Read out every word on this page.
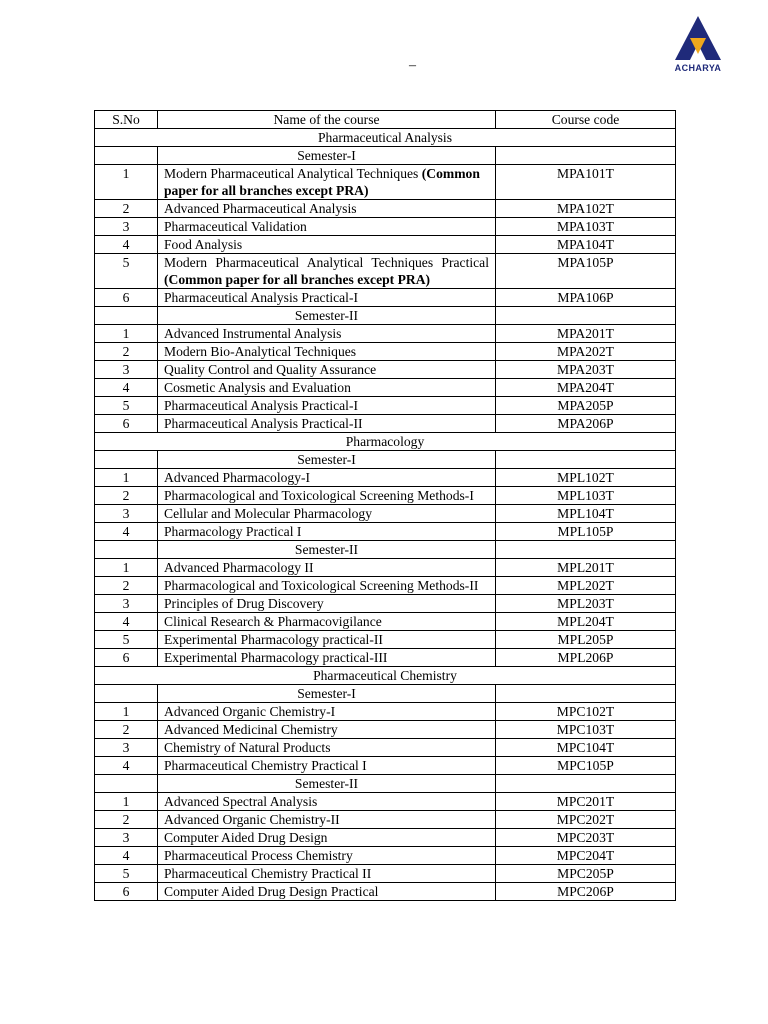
ACHARYA
–
S.No	Name of the course	Course code
Pharmaceutical Analysis		
	Semester-I	
1	Modern Pharmaceutical Analytical Techniques (Common paper for all branches except PRA)	MPA101T
2	Advanced Pharmaceutical Analysis	MPA102T
3	Pharmaceutical Validation	MPA103T
4	Food Analysis	MPA104T
5	Modern Pharmaceutical Analytical Techniques Practical (Common paper for all branches except PRA)	MPA105P
6	Pharmaceutical Analysis Practical-I	MPA106P
	Semester-II	
1	Advanced Instrumental Analysis	MPA201T
2	Modern Bio-Analytical Techniques	MPA202T
3	Quality Control and Quality Assurance	MPA203T
4	Cosmetic Analysis and Evaluation	MPA204T
5	Pharmaceutical Analysis Practical-I	MPA205P
6	Pharmaceutical Analysis Practical-II	MPA206P
Pharmacology		
	Semester-I	
1	Advanced Pharmacology-I	MPL102T
2	Pharmacological and Toxicological Screening Methods-I	MPL103T
3	Cellular and Molecular Pharmacology	MPL104T
4	Pharmacology Practical I	MPL105P
	Semester-II	
1	Advanced Pharmacology II	MPL201T
2	Pharmacological and Toxicological Screening Methods-II	MPL202T
3	Principles of Drug Discovery	MPL203T
4	Clinical Research & Pharmacovigilance	MPL204T
5	Experimental Pharmacology practical-II	MPL205P
6	Experimental Pharmacology practical-III	MPL206P
Pharmaceutical Chemistry		
	Semester-I	
1	Advanced Organic Chemistry-I	MPC102T
2	Advanced Medicinal Chemistry	MPC103T
3	Chemistry of Natural Products	MPC104T
4	Pharmaceutical Chemistry Practical I	MPC105P
	Semester-II	
1	Advanced Spectral Analysis	MPC201T
2	Advanced Organic Chemistry-II	MPC202T
3	Computer Aided Drug Design	MPC203T
4	Pharmaceutical Process Chemistry	MPC204T
5	Pharmaceutical Chemistry Practical II	MPC205P
6	Computer Aided Drug Design Practical	MPC206P
